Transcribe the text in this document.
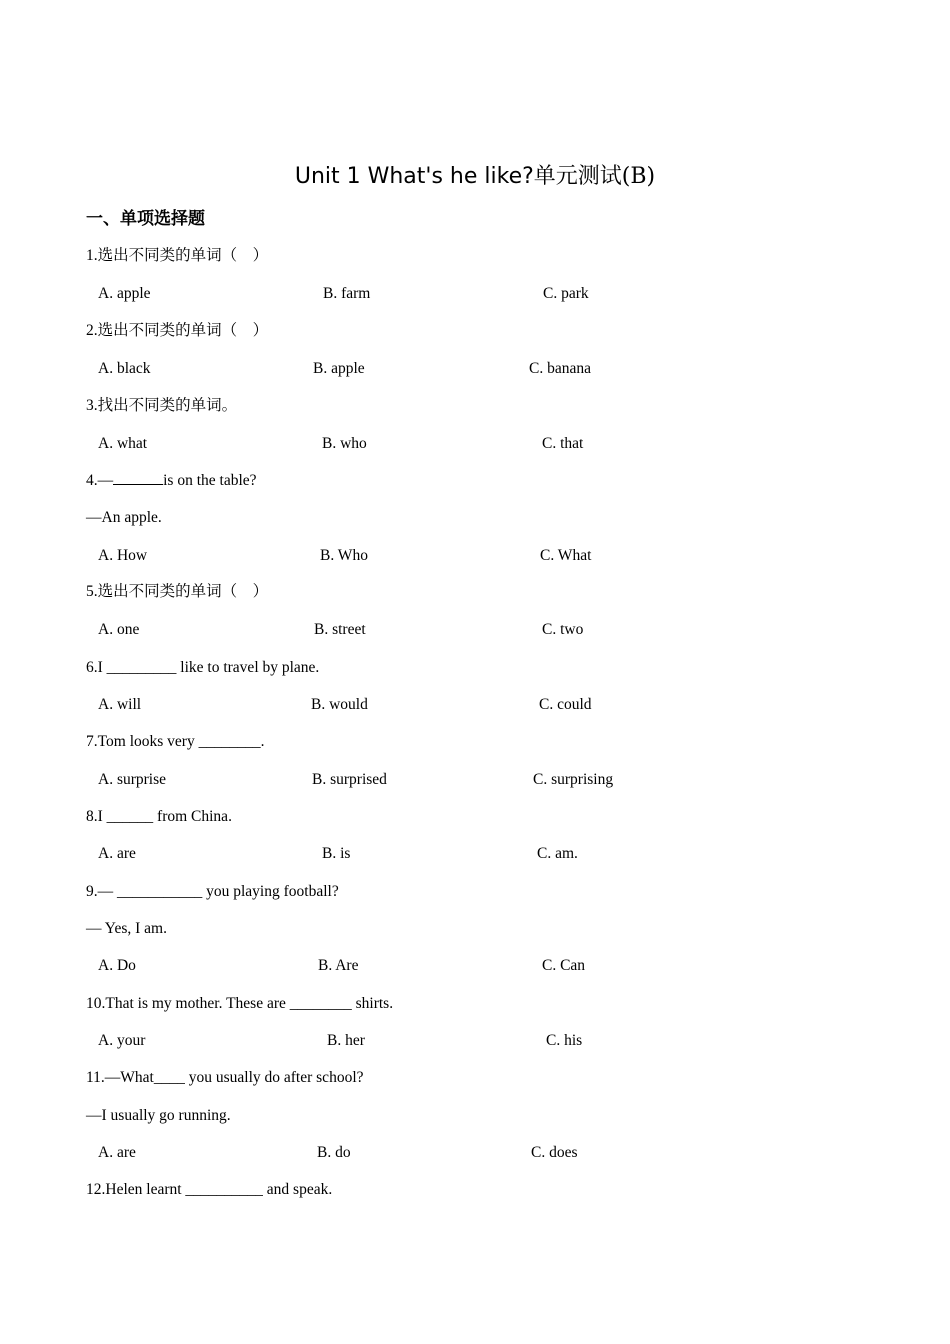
Unit 1 What's he like?单元测试(B)
一、单项选择题
1.选出不同类的单词（　）
A. apple	B. farm	C. park
2.选出不同类的单词（　）
A. black	B. apple	C. banana
3.找出不同类的单词。
A. what	B. who	C. that
4.—	is on the table?
—An apple.
A. How	B. Who	C. What
5.选出不同类的单词（　）
A. one	B. street	C. two
6.I _________ like to travel by plane.
A. will	B. would	C. could
7.Tom looks very ________.
A. surprise	B. surprised	C. surprising
8.I ______ from China.
A. are	B. is	C. am.
9.— ___________ you playing football?
— Yes, I am.
A. Do	B. Are	C. Can
10.That is my mother. These are ________ shirts.
A. your	B. her	C. his
11.—What____ you usually do after school?
—I usually go running.
A. are	B. do	C. does
12.Helen learnt __________ and speak.
